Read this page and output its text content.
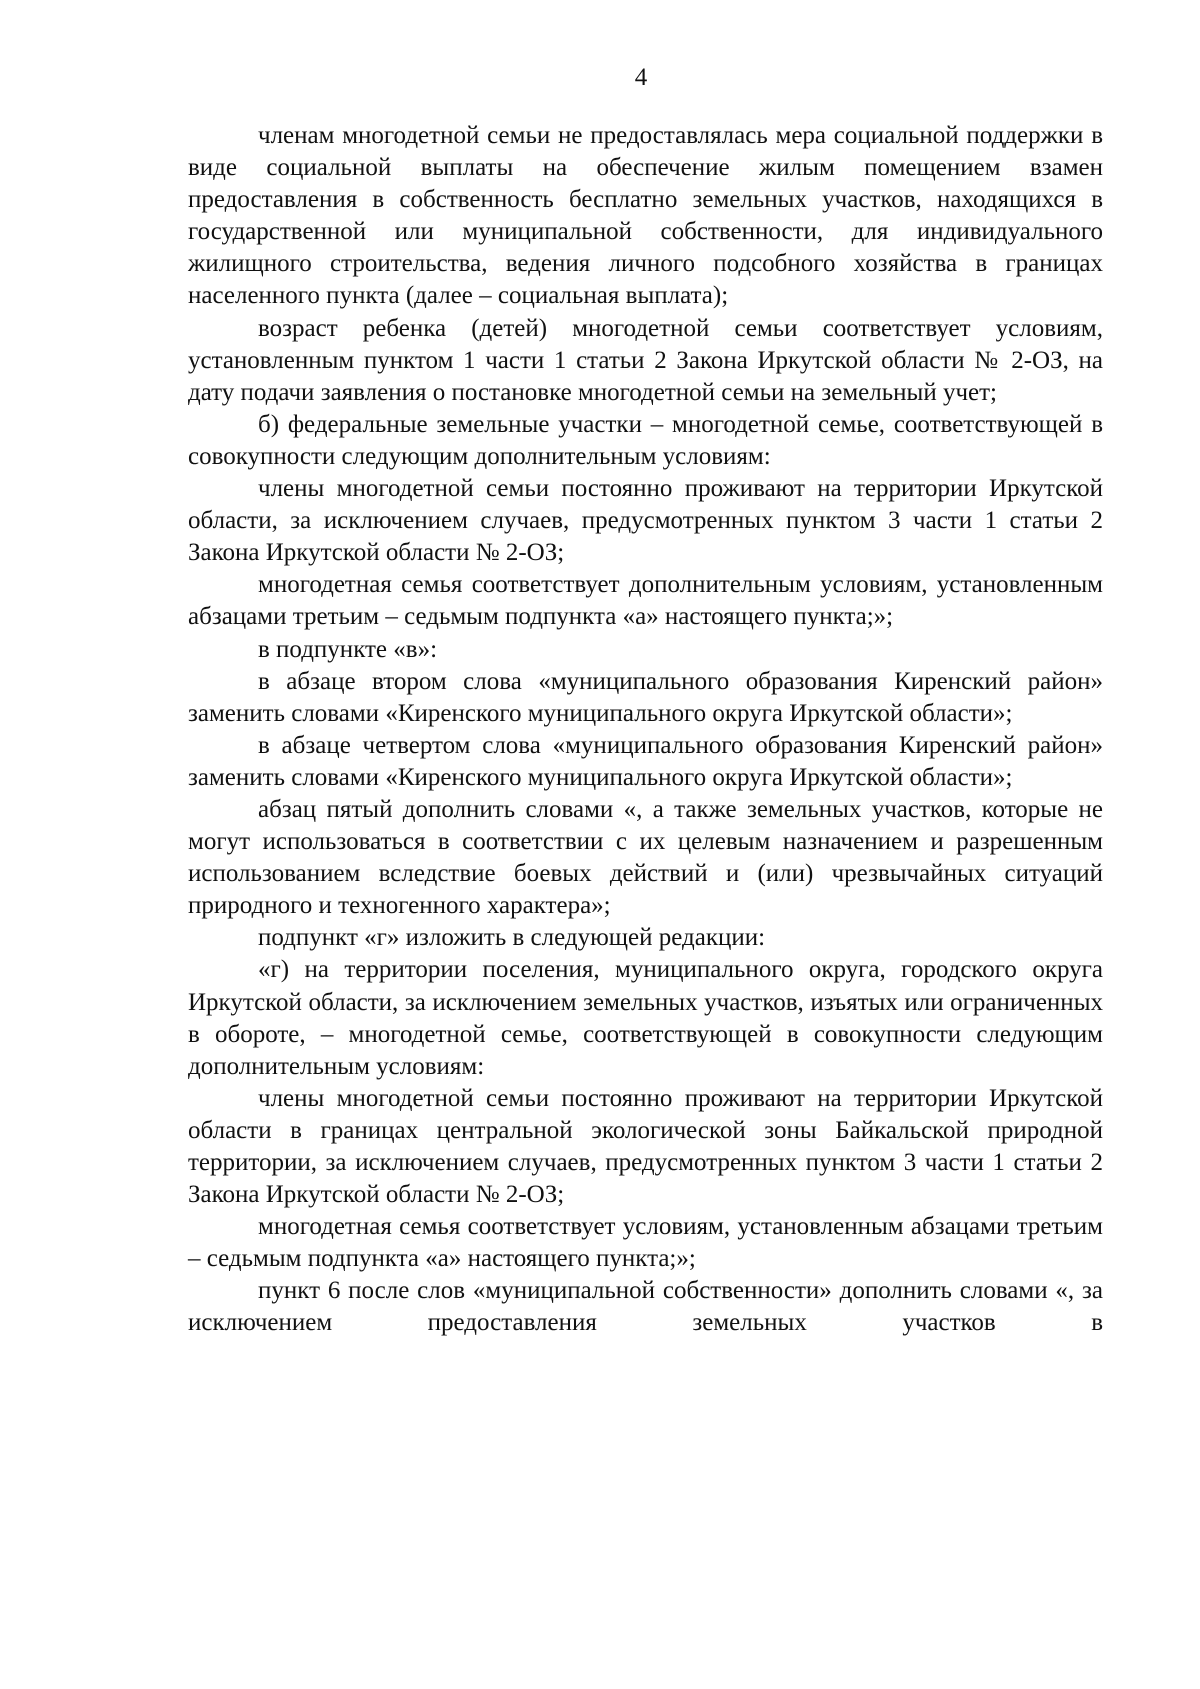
4

членам многодетной семьи не предоставлялась мера социальной поддержки в виде социальной выплаты на обеспечение жилым помещением взамен предоставления в собственность бесплатно земельных участков, находящихся в государственной или муниципальной собственности, для индивидуального жилищного строительства, ведения личного подсобного хозяйства в границах населенного пункта (далее – социальная выплата);

возраст ребенка (детей) многодетной семьи соответствует условиям, установленным пунктом 1 части 1 статьи 2 Закона Иркутской области № 2-ОЗ, на дату подачи заявления о постановке многодетной семьи на земельный учет;

б) федеральные земельные участки – многодетной семье, соответствующей в совокупности следующим дополнительным условиям:

члены многодетной семьи постоянно проживают на территории Иркутской области, за исключением случаев, предусмотренных пунктом 3 части 1 статьи 2 Закона Иркутской области № 2-ОЗ;

многодетная семья соответствует дополнительным условиям, установленным абзацами третьим – седьмым подпункта «а» настоящего пункта;»;

в подпункте «в»:

в абзаце втором слова «муниципального образования Киренский район» заменить словами «Киренского муниципального округа Иркутской области»;

в абзаце четвертом слова «муниципального образования Киренский район» заменить словами «Киренского муниципального округа Иркутской области»;

абзац пятый дополнить словами «, а также земельных участков, которые не могут использоваться в соответствии с их целевым назначением и разрешенным использованием вследствие боевых действий и (или) чрезвычайных ситуаций природного и техногенного характера»;

подпункт «г» изложить в следующей редакции:

«г) на территории поселения, муниципального округа, городского округа Иркутской области, за исключением земельных участков, изъятых или ограниченных в обороте, – многодетной семье, соответствующей в совокупности следующим дополнительным условиям:

члены многодетной семьи постоянно проживают на территории Иркутской области в границах центральной экологической зоны Байкальской природной территории, за исключением случаев, предусмотренных пунктом 3 части 1 статьи 2 Закона Иркутской области № 2-ОЗ;

многодетная семья соответствует условиям, установленным абзацами третьим – седьмым подпункта «а» настоящего пункта;»;

пункт 6 после слов «муниципальной собственности» дополнить словами «, за исключением предоставления земельных участков в
